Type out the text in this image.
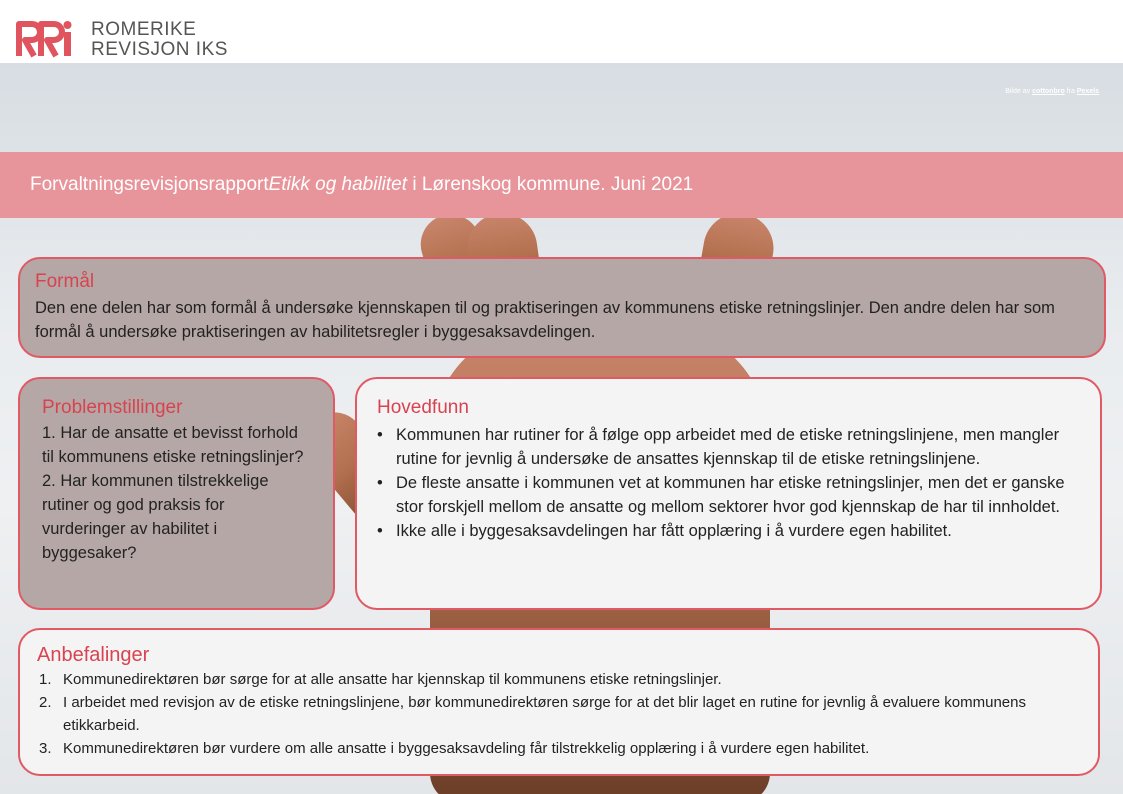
ROMERIKE
REVISJON IKS
Bilde av cottonbro fra Pexels
ForvaltningsrevisjonsrapportEtikk og habilitet i Lørenskog kommune. Juni 2021
Formål

Den ene delen har som formål å undersøke kjennskapen til og praktiseringen av kommunens etiske retningslinjer. Den andre delen har som formål å undersøke praktiseringen av habilitetsregler i byggesaksavdelingen.

Problemstillinger
1. Har de ansatte et bevisst forhold til kommunens etiske retningslinjer?
2. Har kommunen tilstrekkelige rutiner og god praksis for vurderinger av habilitet i byggesaker?
Hovedfunn
• Kommunen har rutiner for å følge opp arbeidet med de etiske retningslinjene, men mangler rutine for jevnlig å undersøke de ansattes kjennskap til de etiske retningslinjene.
• De fleste ansatte i kommunen vet at kommunen har etiske retningslinjer, men det er ganske stor forskjell mellom de ansatte og mellom sektorer hvor god kjennskap de har til innholdet.
• Ikke alle i byggesaksavdelingen har fått opplæring i å vurdere egen habilitet.
Anbefalinger
1. Kommunedirektøren bør sørge for at alle ansatte har kjennskap til kommunens etiske retningslinjer.
2. I arbeidet med revisjon av de etiske retningslinjene, bør kommunedirektøren sørge for at det blir laget en rutine for jevnlig å evaluere kommunens etikkarbeid.
3. Kommunedirektøren bør vurdere om alle ansatte i byggesaksavdeling får tilstrekkelig opplæring i å vurdere egen habilitet.
